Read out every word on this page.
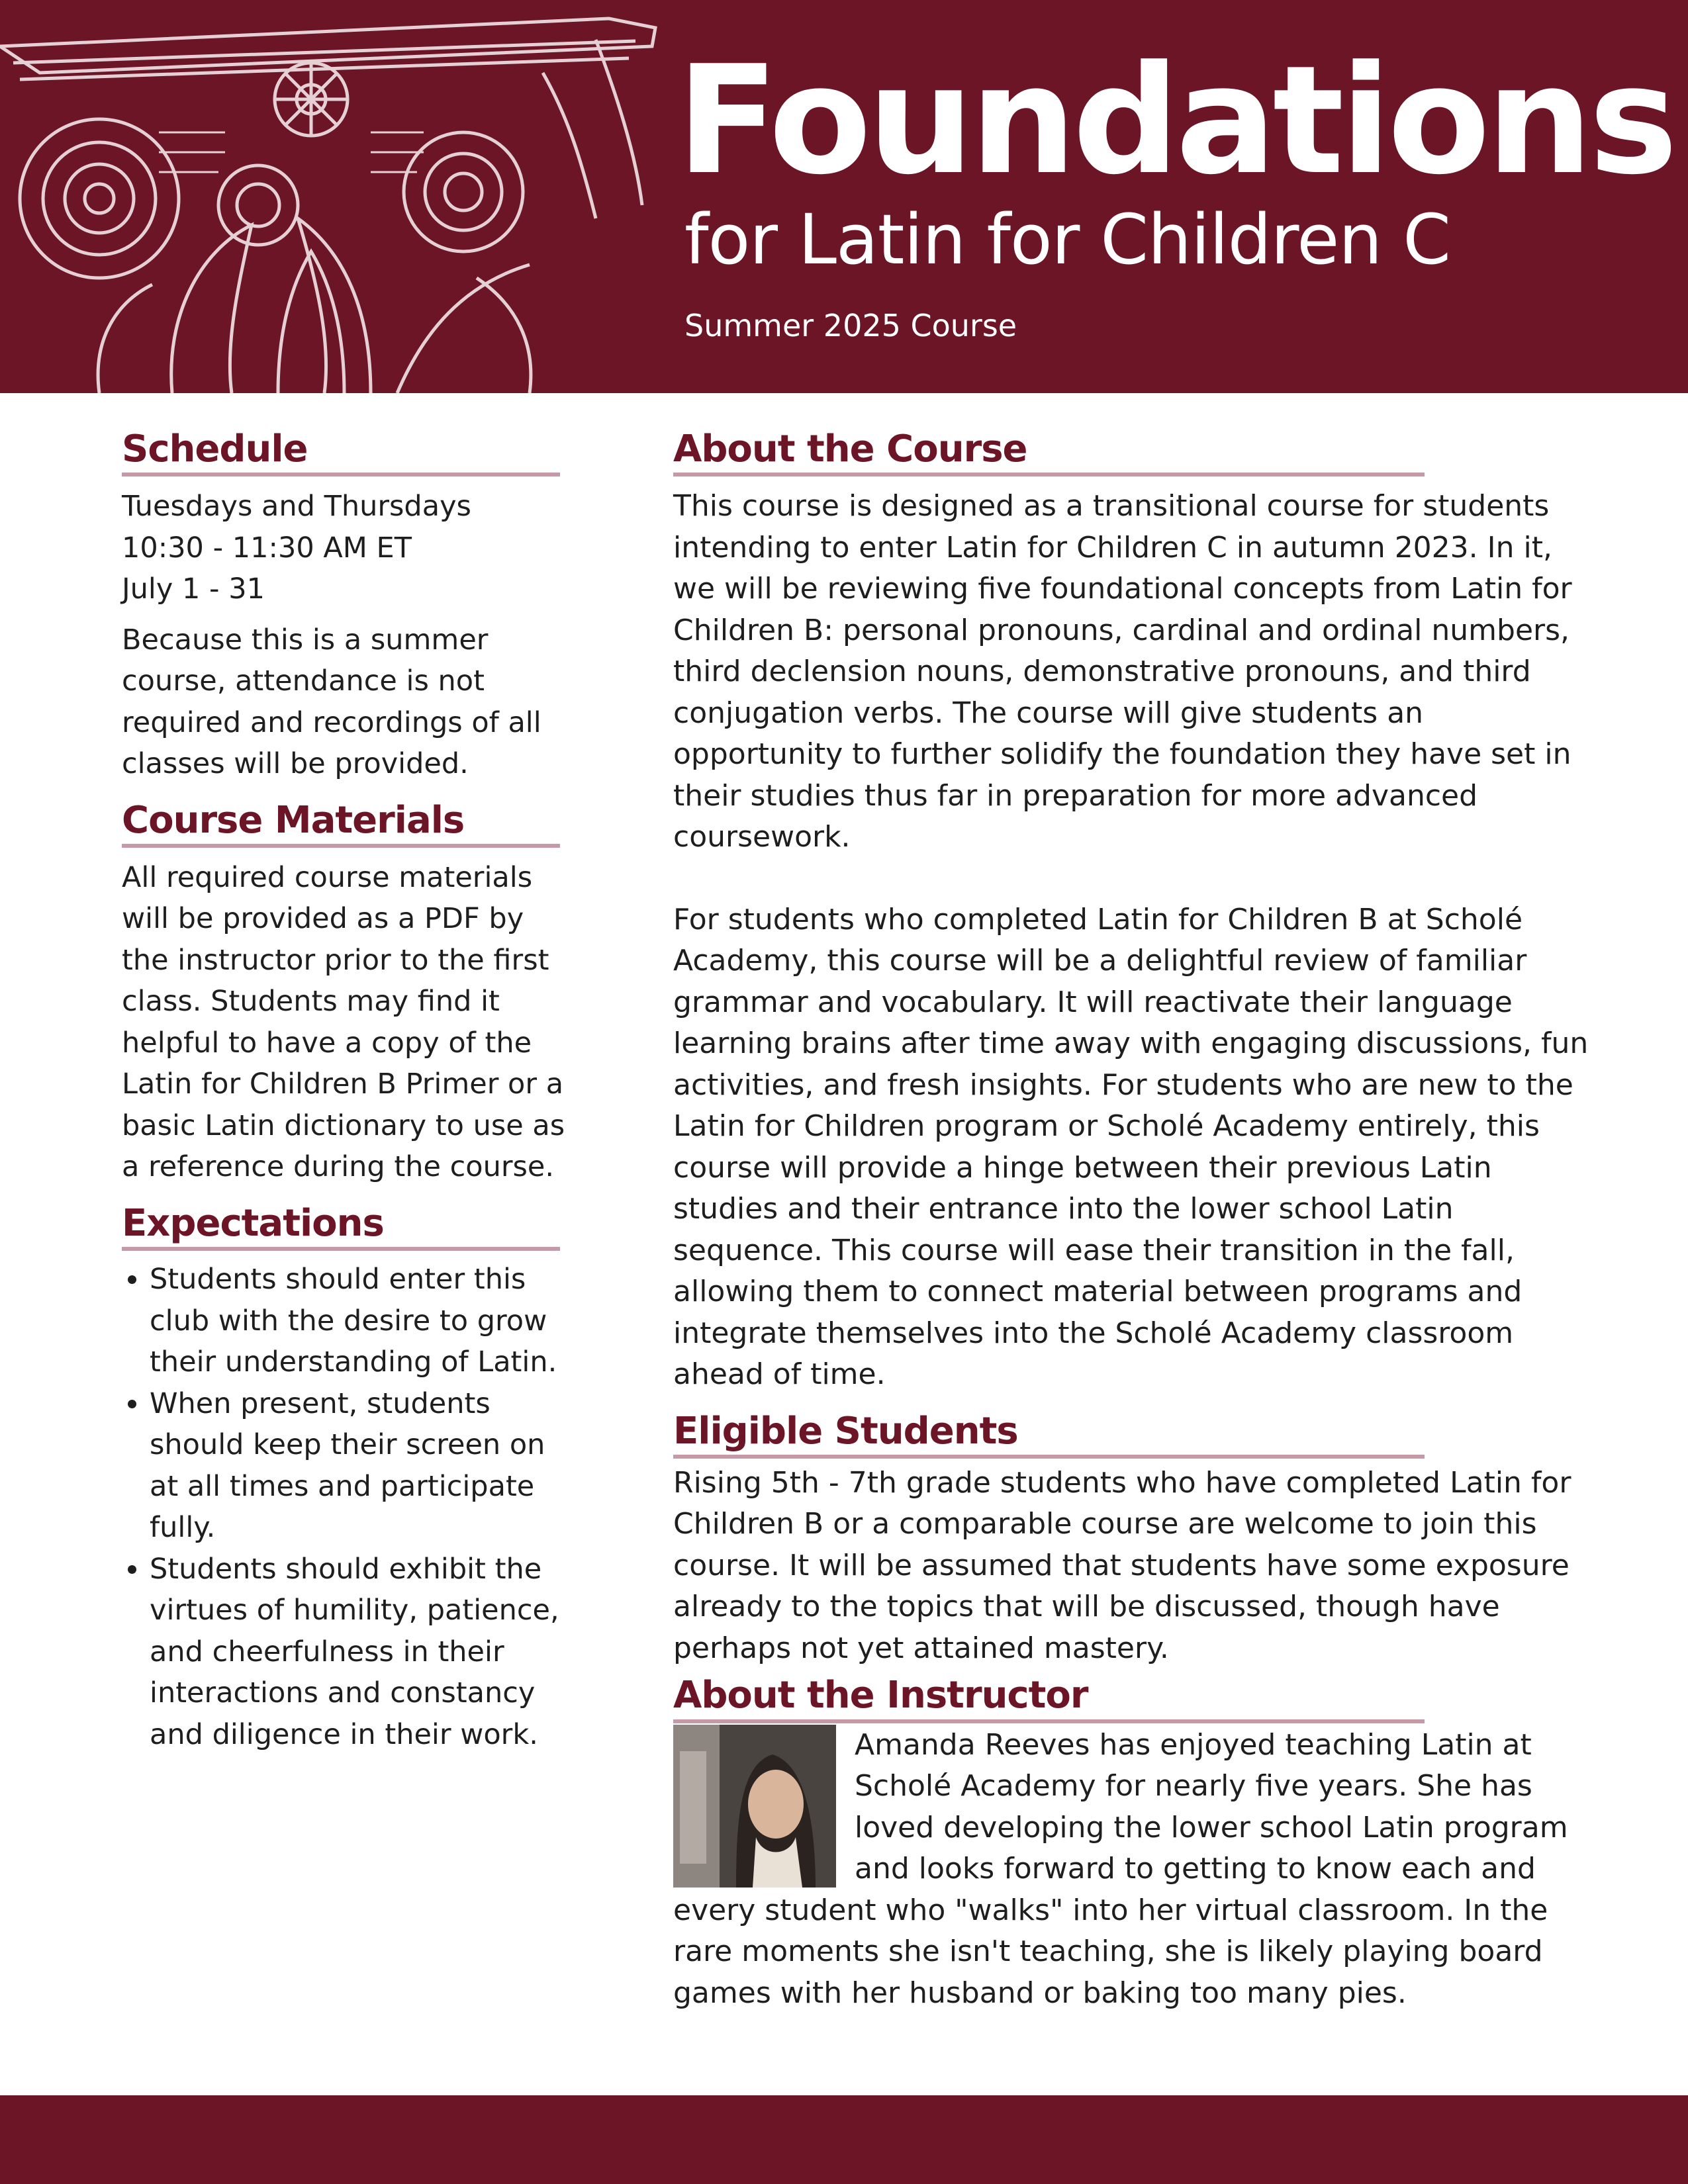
Foundations
for Latin for Children C
Summer 2025 Course
Schedule

Tuesdays and Thursdays
10:30 - 11:30 AM ET
July 1 - 31

Because this is a summer course, attendance is not required and recordings of all classes will be provided.

Course Materials

All required course materials will be provided as a PDF by the instructor prior to the first class. Students may find it helpful to have a copy of the Latin for Children B Primer or a basic Latin dictionary to use as a reference during the course.

Expectations
• Students should enter this club with the desire to grow their understanding of Latin.
• When present, students should keep their screen on at all times and participate fully.
• Students should exhibit the virtues of humility, patience, and cheerfulness in their interactions and constancy and diligence in their work.
About the Course

This course is designed as a transitional course for students intending to enter Latin for Children C in autumn 2023. In it, we will be reviewing five foundational concepts from Latin for Children B: personal pronouns, cardinal and ordinal numbers, third declension nouns, demonstrative pronouns, and third conjugation verbs. The course will give students an opportunity to further solidify the foundation they have set in their studies thus far in preparation for more advanced coursework.

For students who completed Latin for Children B at Scholé Academy, this course will be a delightful review of familiar grammar and vocabulary. It will reactivate their language learning brains after time away with engaging discussions, fun activities, and fresh insights. For students who are new to the Latin for Children program or Scholé Academy entirely, this course will provide a hinge between their previous Latin studies and their entrance into the lower school Latin sequence. This course will ease their transition in the fall, allowing them to connect material between programs and integrate themselves into the Scholé Academy classroom ahead of time.

Eligible Students

Rising 5th - 7th grade students who have completed Latin for Children B or a comparable course are welcome to join this course. It will be assumed that students have some exposure already to the topics that will be discussed, though have perhaps not yet attained mastery.

About the Instructor

Amanda Reeves has enjoyed teaching Latin at Scholé Academy for nearly five years. She has loved developing the lower school Latin program and looks forward to getting to know each and every student who "walks" into her virtual classroom. In the rare moments she isn't teaching, she is likely playing board games with her husband or baking too many pies.
